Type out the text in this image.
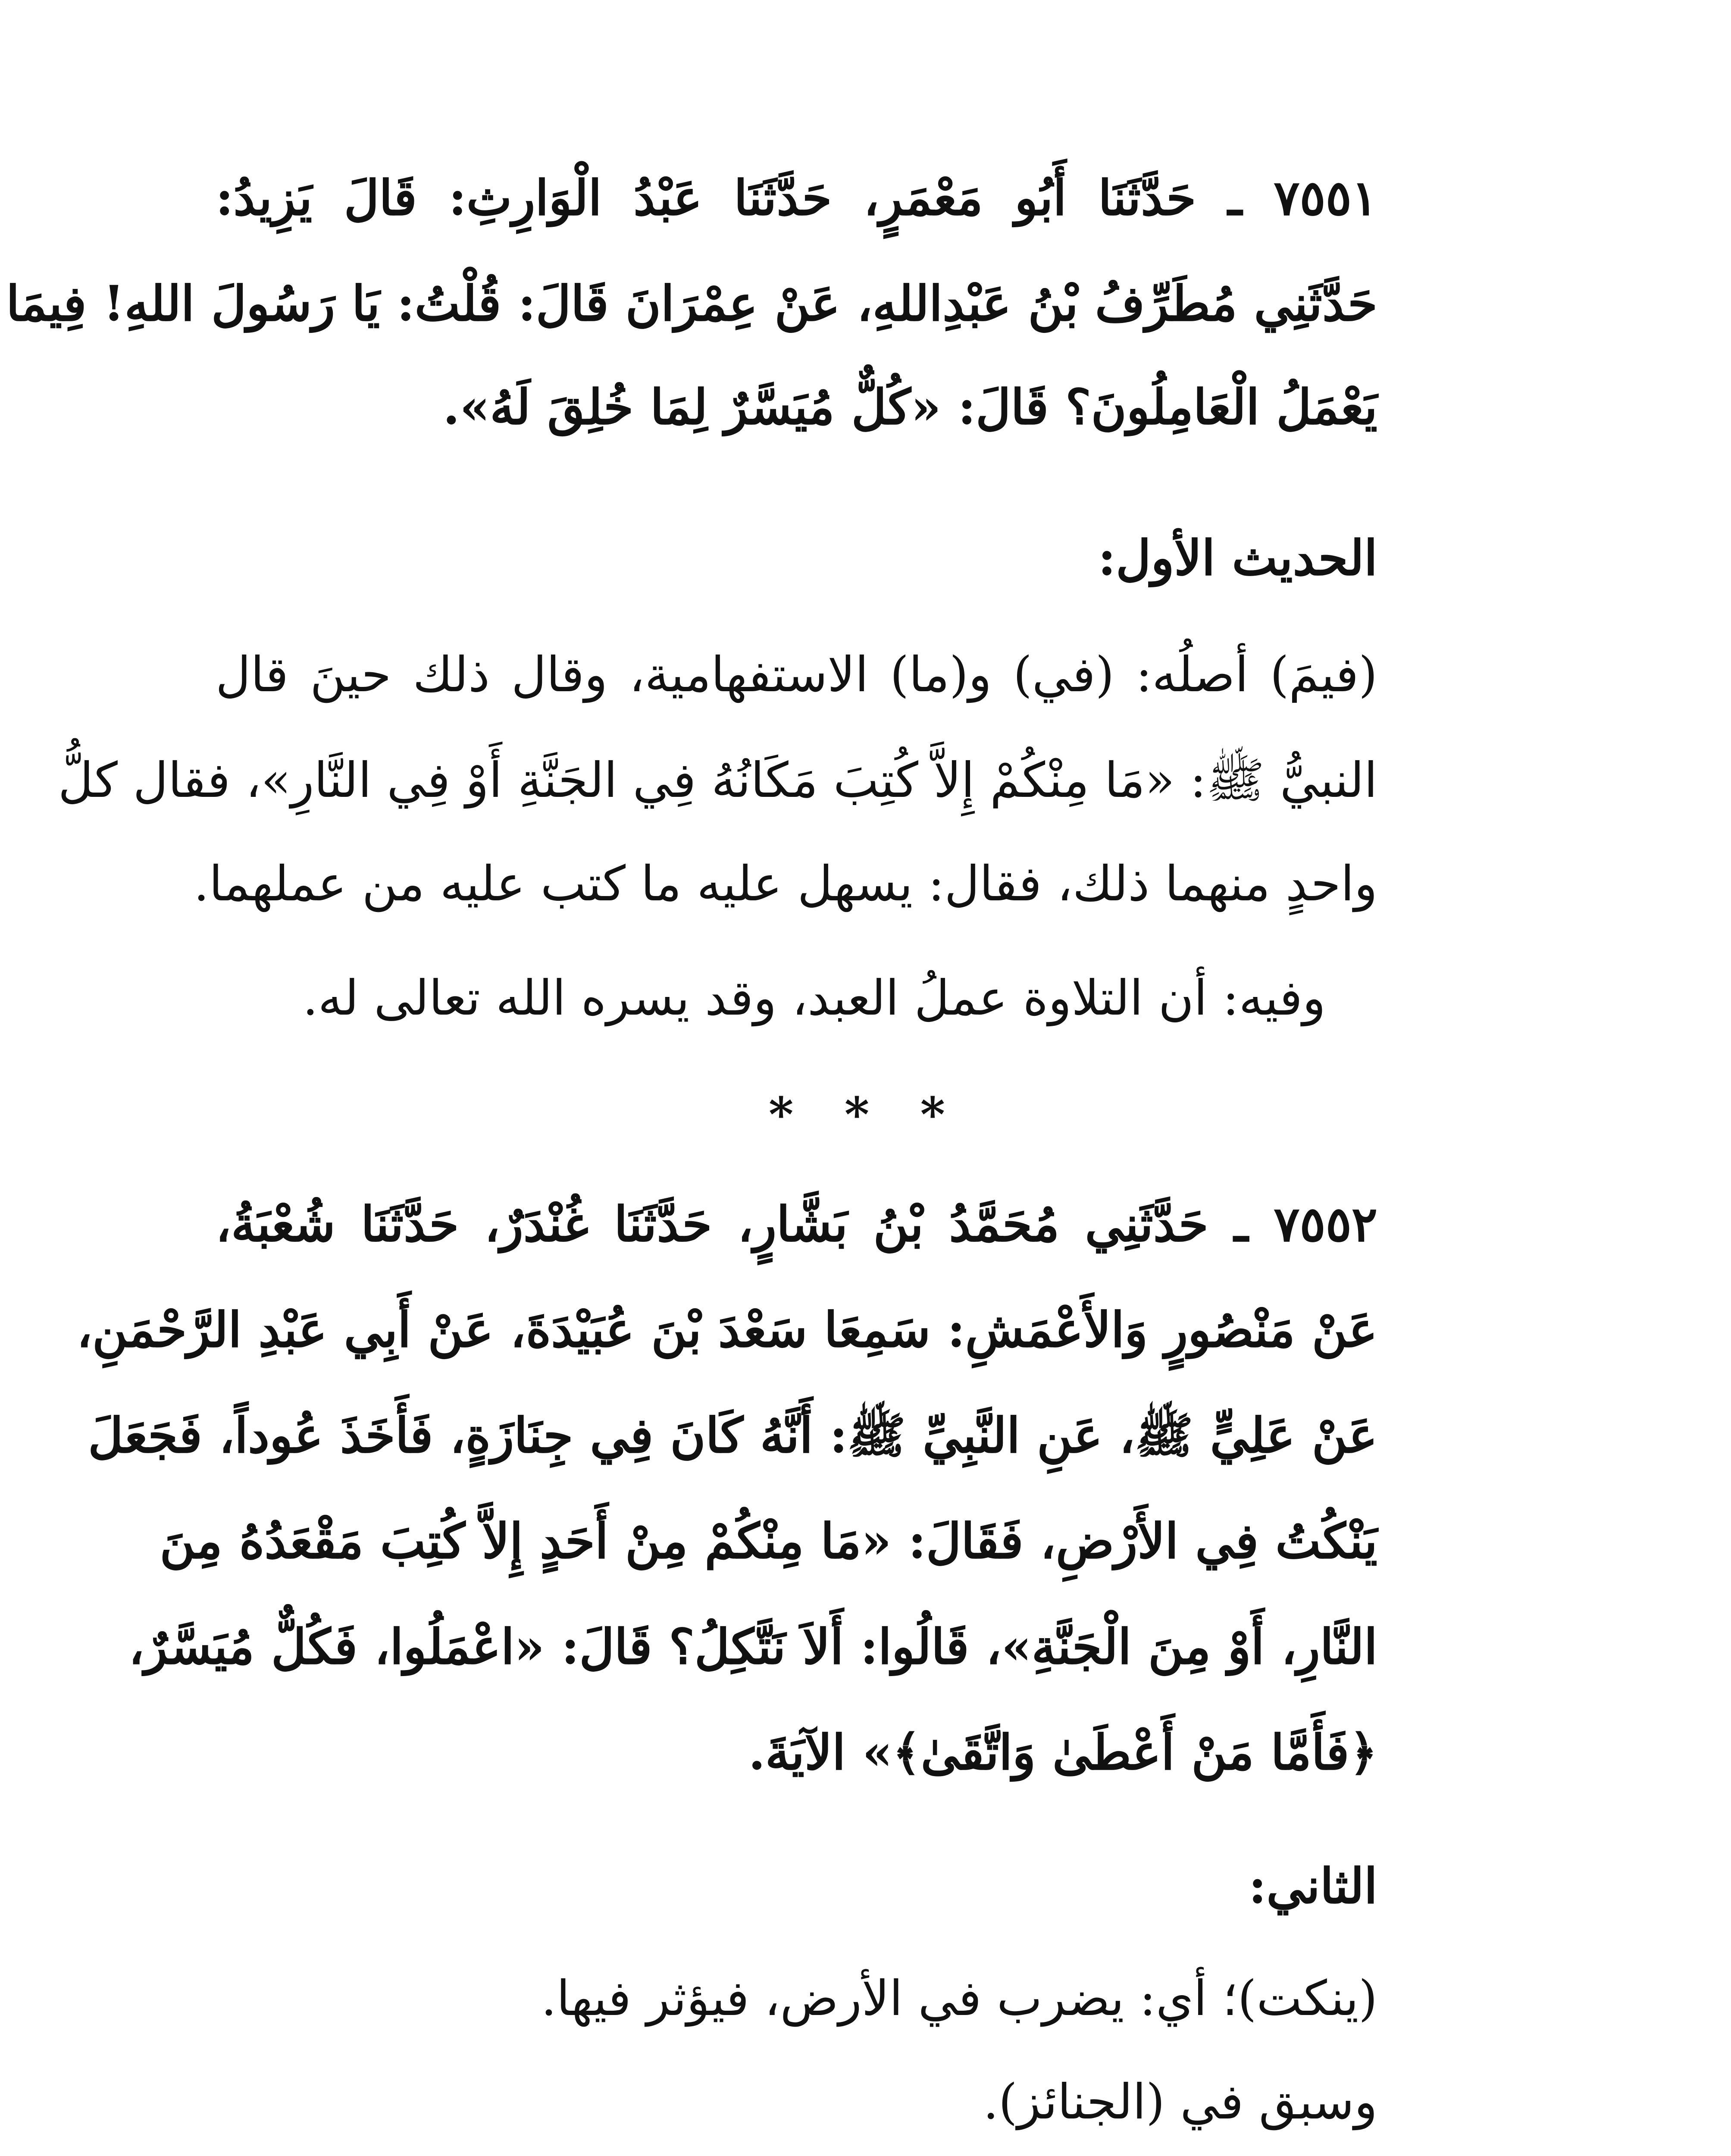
٧٥٥١ ـ حَدَّثَنَا أَبُو مَعْمَرٍ، حَدَّثَنَا عَبْدُ الْوَارِثِ: قَالَ يَزِيدُ:
حَدَّثَنِي مُطَرِّفُ بْنُ عَبْدِاللهِ، عَنْ عِمْرَانَ قَالَ: قُلْتُ: يَا رَسُولَ اللهِ! فِيمَا
يَعْمَلُ الْعَامِلُونَ؟ قَالَ: «كُلٌّ مُيَسَّرٌ لِمَا خُلِقَ لَهُ».
الحديث الأول:
(فيمَ) أصلُه: (في) و(ما) الاستفهامية، وقال ذلك حينَ قال
النبيُّ ﷺ: «مَا مِنْكُمْ إِلاَّ كُتِبَ مَكَانُهُ فِي الجَنَّةِ أَوْ فِي النَّارِ»، فقال كلُّ
واحدٍ منهما ذلك، فقال: يسهل عليه ما كتب عليه من عملهما.
وفيه: أن التلاوة عملُ العبد، وقد يسره الله تعالى له.
* * *
٧٥٥٢ ـ حَدَّثَنِي مُحَمَّدُ بْنُ بَشَّارٍ، حَدَّثَنَا غُنْدَرٌ، حَدَّثَنَا شُعْبَةُ،
عَنْ مَنْصُورٍ وَالأَعْمَشِ: سَمِعَا سَعْدَ بْنَ عُبَيْدَةَ، عَنْ أَبِي عَبْدِ الرَّحْمَنِ،
عَنْ عَلِيٍّ ﷺ، عَنِ النَّبِيِّ ﷺ: أَنَّهُ كَانَ فِي جِنَازَةٍ، فَأَخَذَ عُوداً، فَجَعَلَ
يَنْكُتُ فِي الأَرْضِ، فَقَالَ: «مَا مِنْكُمْ مِنْ أَحَدٍ إِلاَّ كُتِبَ مَقْعَدُهُ مِنَ
النَّارِ، أَوْ مِنَ الْجَنَّةِ»، قَالُوا: أَلاَ نَتَّكِلُ؟ قَالَ: «اعْمَلُوا، فَكُلٌّ مُيَسَّرٌ،
﴿فَأَمَّا مَنْ أَعْطَىٰ وَاتَّقَىٰ﴾» الآيَةَ.
الثاني:
(ينكت)؛ أي: يضرب في الأرض، فيؤثر فيها.
وسبق في (الجنائز).
